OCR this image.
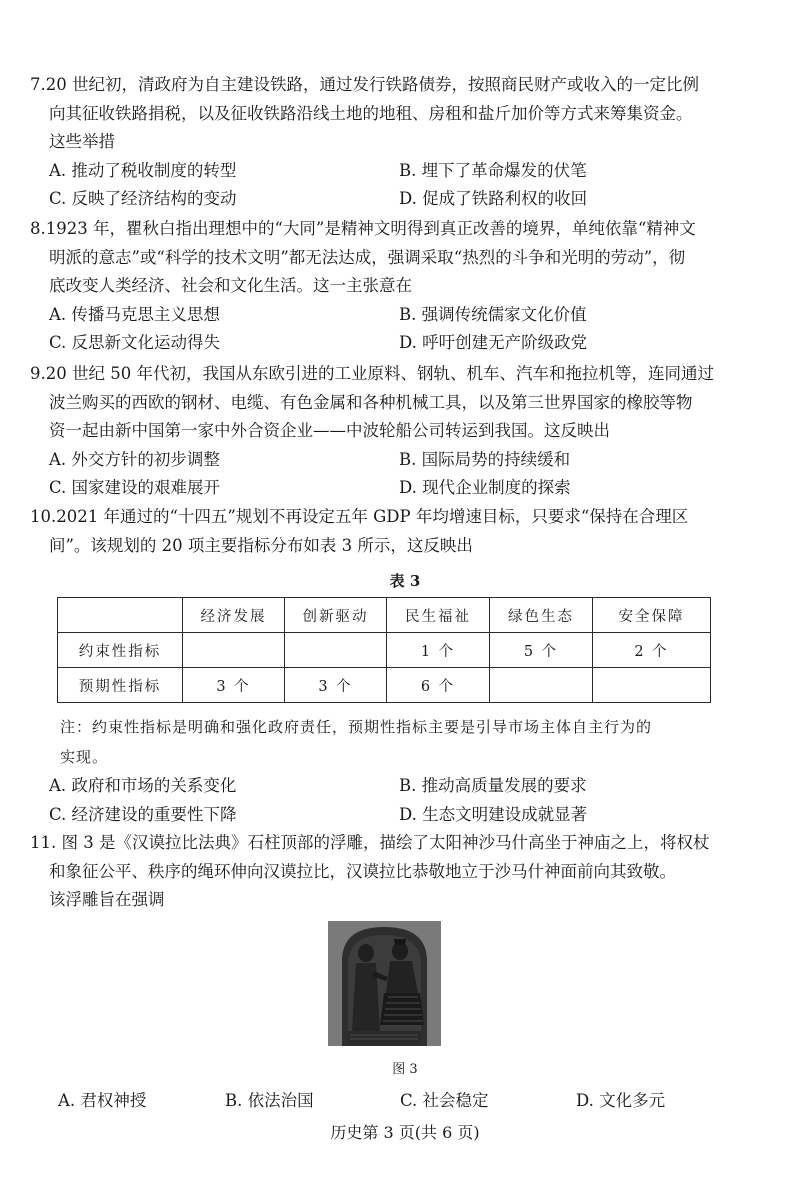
7.20 世纪初，清政府为自主建设铁路，通过发行铁路债券，按照商民财产或收入的一定比例
向其征收铁路捐税，以及征收铁路沿线土地的地租、房租和盐斤加价等方式来筹集资金。
这些举措
A. 推动了税收制度的转型	B. 埋下了革命爆发的伏笔
C. 反映了经济结构的变动	D. 促成了铁路利权的收回
8.1923 年，瞿秋白指出理想中的“大同”是精神文明得到真正改善的境界，单纯依靠“精神文
明派的意志”或“科学的技术文明”都无法达成，强调采取“热烈的斗争和光明的劳动”，彻
底改变人类经济、社会和文化生活。这一主张意在
A. 传播马克思主义思想	B. 强调传统儒家文化价值
C. 反思新文化运动得失	D. 呼吁创建无产阶级政党
9.20 世纪 50 年代初，我国从东欧引进的工业原料、钢轨、机车、汽车和拖拉机等，连同通过
波兰购买的西欧的钢材、电缆、有色金属和各种机械工具，以及第三世界国家的橡胶等物
资一起由新中国第一家中外合资企业——中波轮船公司转运到我国。这反映出
A. 外交方针的初步调整	B. 国际局势的持续缓和
C. 国家建设的艰难展开	D. 现代企业制度的探索
10.2021 年通过的“十四五”规划不再设定五年 GDP 年均增速目标，只要求“保持在合理区
间”。该规划的 20 项主要指标分布如表 3 所示，这反映出
表 3
	经济发展	创新驱动	民生福祉	绿色生态	安全保障
约束性指标			1 个	5 个	2 个
预期性指标	3 个	3 个	6 个		
注：约束性指标是明确和强化政府责任，预期性指标主要是引导市场主体自主行为的
实现。
A. 政府和市场的关系变化	B. 推动高质量发展的要求
C. 经济建设的重要性下降	D. 生态文明建设成就显著
11. 图 3 是《汉谟拉比法典》石柱顶部的浮雕，描绘了太阳神沙马什高坐于神庙之上，将权杖
和象征公平、秩序的绳环伸向汉谟拉比，汉谟拉比恭敬地立于沙马什神面前向其致敬。
该浮雕旨在强调
图 3
A. 君权神授	B. 依法治国	C. 社会稳定	D. 文化多元
历史第 3 页(共 6 页)
